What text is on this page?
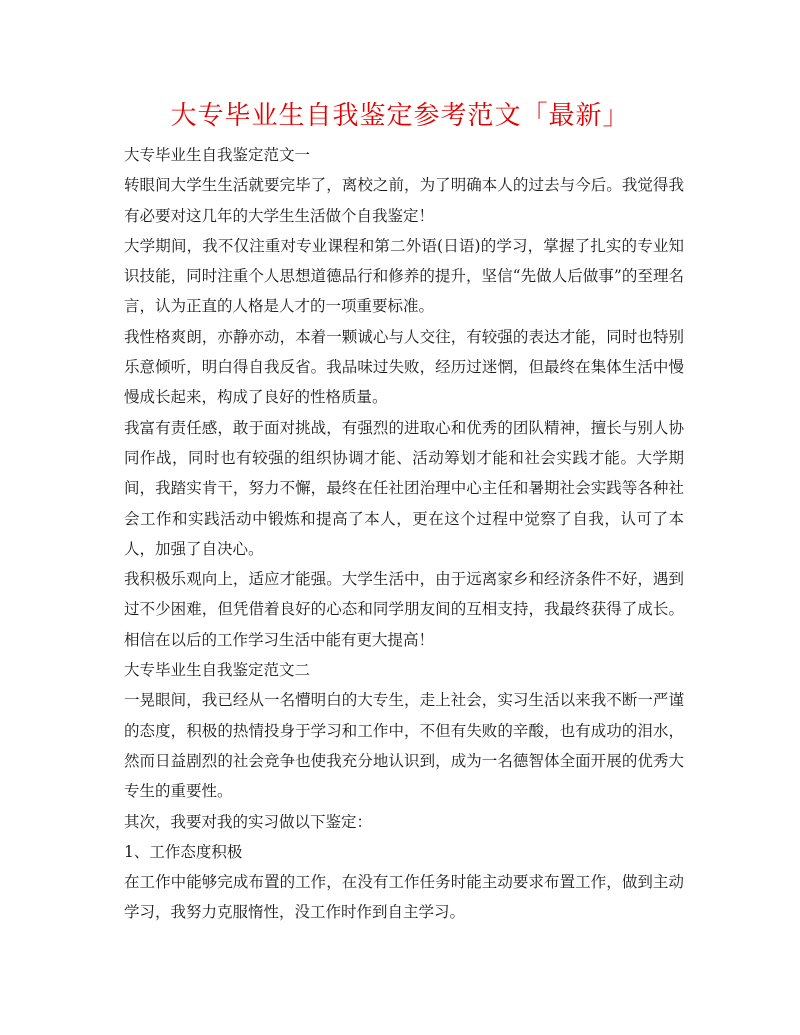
大专毕业生自我鉴定参考范文「最新」

大专毕业生自我鉴定范文一

转眼间大学生生活就要完毕了，离校之前，为了明确本人的过去与今后。我觉得我有必要对这几年的大学生生活做个自我鉴定！

大学期间，我不仅注重对专业课程和第二外语(日语)的学习，掌握了扎实的专业知识技能，同时注重个人思想道德品行和修养的提升，坚信“先做人后做事”的至理名言，认为正直的人格是人才的一项重要标准。

我性格爽朗，亦静亦动，本着一颗诚心与人交往，有较强的表达才能，同时也特别乐意倾听，明白得自我反省。我品味过失败，经历过迷惘，但最终在集体生活中慢慢成长起来，构成了良好的性格质量。

我富有责任感，敢于面对挑战，有强烈的进取心和优秀的团队精神，擅长与别人协同作战，同时也有较强的组织协调才能、活动筹划才能和社会实践才能。大学期间，我踏实肯干，努力不懈，最终在任社团治理中心主任和暑期社会实践等各种社会工作和实践活动中锻炼和提高了本人，更在这个过程中觉察了自我，认可了本人，加强了自决心。

我积极乐观向上，适应才能强。大学生活中，由于远离家乡和经济条件不好，遇到过不少困难，但凭借着良好的心态和同学朋友间的互相支持，我最终获得了成长。相信在以后的工作学习生活中能有更大提高！

大专毕业生自我鉴定范文二

一晃眼间，我已经从一名懵明白的大专生，走上社会，实习生活以来我不断一严谨的态度，积极的热情投身于学习和工作中，不但有失败的辛酸，也有成功的泪水，然而日益剧烈的社会竞争也使我充分地认识到，成为一名德智体全面开展的优秀大专生的重要性。

其次，我要对我的实习做以下鉴定：

1、工作态度积极

在工作中能够完成布置的工作，在没有工作任务时能主动要求布置工作，做到主动学习，我努力克服惰性，没工作时作到自主学习。
